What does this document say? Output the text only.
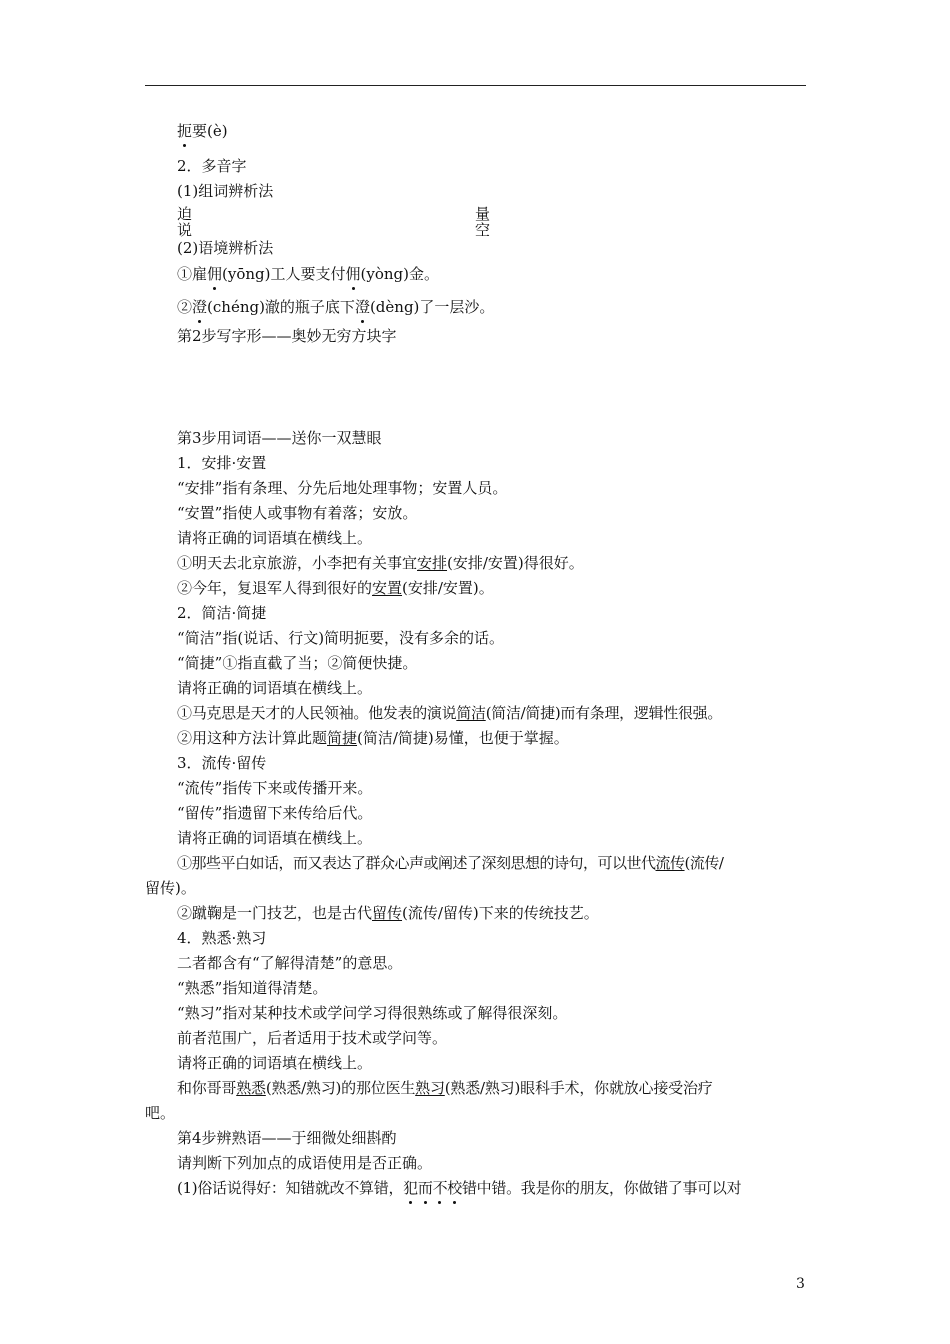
扼要(è)
2．多音字
(1)组词辨析法
迫
说
量
空
(2)语境辨析法
①雇佣(yōng)工人要支付佣(yòng)金。
②澄(chéng)澈的瓶子底下澄(dèng)了一层沙。
第2步写字形——奥妙无穷方块字
第3步用词语——送你一双慧眼
1．安排·安置
“安排”指有条理、分先后地处理事物；安置人员。
“安置”指使人或事物有着落；安放。
请将正确的词语填在横线上。
①明天去北京旅游，小李把有关事宜安排(安排/安置)得很好。
②今年，复退军人得到很好的安置(安排/安置)。
2．简洁·简捷
“简洁”指(说话、行文)简明扼要，没有多余的话。
“简捷”①指直截了当；②简便快捷。
请将正确的词语填在横线上。
①马克思是天才的人民领袖。他发表的演说简洁(简洁/简捷)而有条理，逻辑性很强。
②用这种方法计算此题简捷(简洁/简捷)易懂，也便于掌握。
3．流传·留传
“流传”指传下来或传播开来。
“留传”指遗留下来传给后代。
请将正确的词语填在横线上。
①那些平白如话，而又表达了群众心声或阐述了深刻思想的诗句，可以世代流传(流传/
留传)。
②蹴鞠是一门技艺，也是古代留传(流传/留传)下来的传统技艺。
4．熟悉·熟习
二者都含有“了解得清楚”的意思。
“熟悉”指知道得清楚。
“熟习”指对某种技术或学问学习得很熟练或了解得很深刻。
前者范围广，后者适用于技术或学问等。
请将正确的词语填在横线上。
和你哥哥熟悉(熟悉/熟习)的那位医生熟习(熟悉/熟习)眼科手术，你就放心接受治疗
吧。
第4步辨熟语——于细微处细斟酌
请判断下列加点的成语使用是否正确。
(1)俗话说得好：知错就改不算错，犯而不校错中错。我是你的朋友，你做错了事可以对
3
